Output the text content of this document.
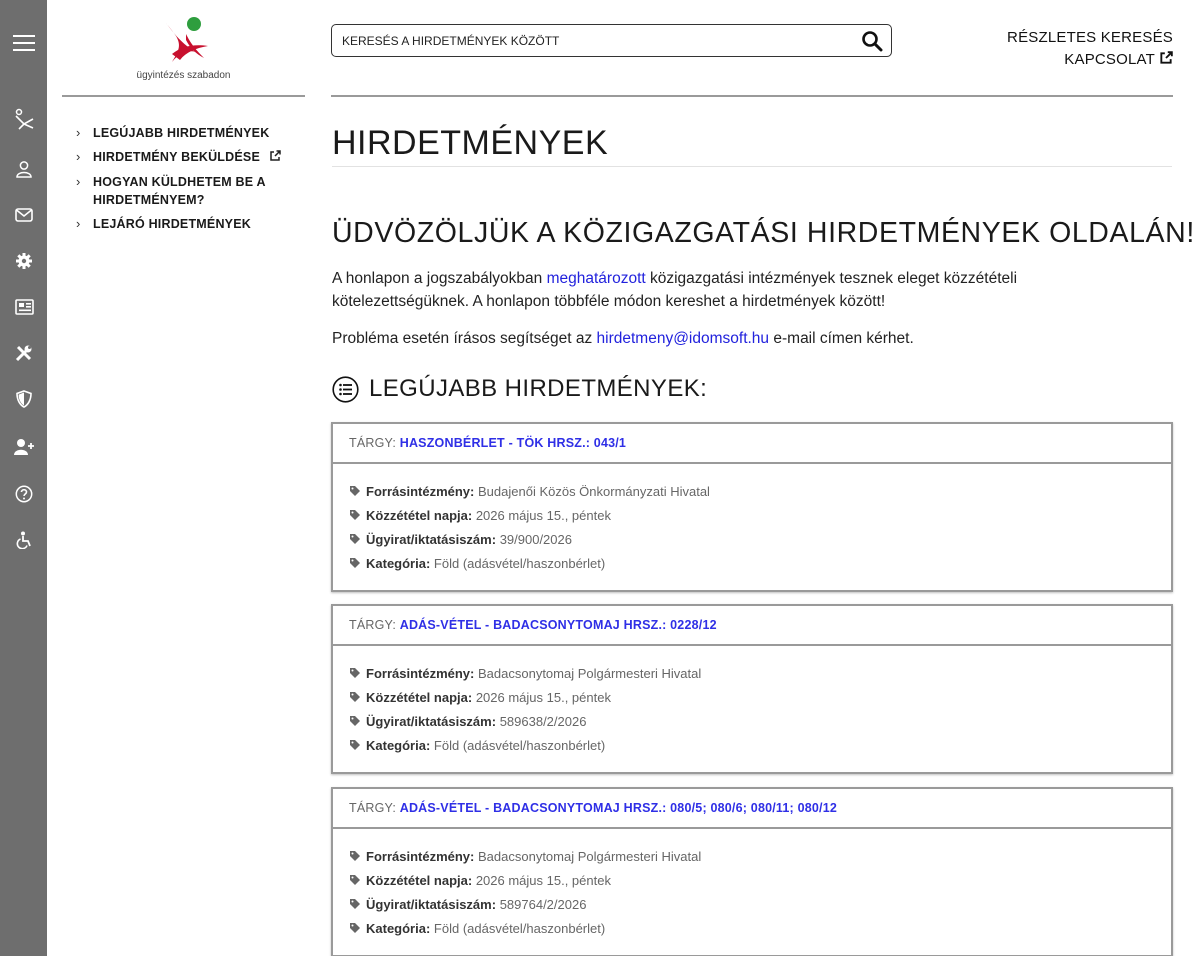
ügyintézés szabadon
› LEGÚJABB HIRDETMÉNYEK
› HIRDETMÉNY BEKÜLDÉSE
› HOGYAN KÜLDHETEM BE A HIRDETMÉNYEM?
› LEJÁRÓ HIRDETMÉNYEK
KERESÉS A HIRDETMÉNYEK KÖZÖTT
RÉSZLETES KERESÉS
KAPCSOLAT
HIRDETMÉNYEK
ÜDVÖZÖLJÜK A KÖZIGAZGATÁSI HIRDETMÉNYEK OLDALÁN!

A honlapon a jogszabályokban meghatározott közigazgatási intézmények tesznek eleget közzétételi kötelezettségüknek. A honlapon többféle módon kereshet a hirdetmények között!

Probléma esetén írásos segítséget az hirdetmeny@idomsoft.hu e-mail címen kérhet.

LEGÚJABB HIRDETMÉNYEK:
TÁRGY: HASZONBÉRLET - TÖK HRSZ.: 043/1
Forrásintézmény: Budajenői Közös Önkormányzati Hivatal
Közzététel napja: 2026 május 15., péntek
Ügyirat/iktatásiszám: 39/900/2026
Kategória: Föld (adásvétel/haszonbérlet)
TÁRGY: ADÁS-VÉTEL - BADACSONYTOMAJ HRSZ.: 0228/12
Forrásintézmény: Badacsonytomaj Polgármesteri Hivatal
Közzététel napja: 2026 május 15., péntek
Ügyirat/iktatásiszám: 589638/2/2026
Kategória: Föld (adásvétel/haszonbérlet)
TÁRGY: ADÁS-VÉTEL - BADACSONYTOMAJ HRSZ.: 080/5; 080/6; 080/11; 080/12
Forrásintézmény: Badacsonytomaj Polgármesteri Hivatal
Közzététel napja: 2026 május 15., péntek
Ügyirat/iktatásiszám: 589764/2/2026
Kategória: Föld (adásvétel/haszonbérlet)
